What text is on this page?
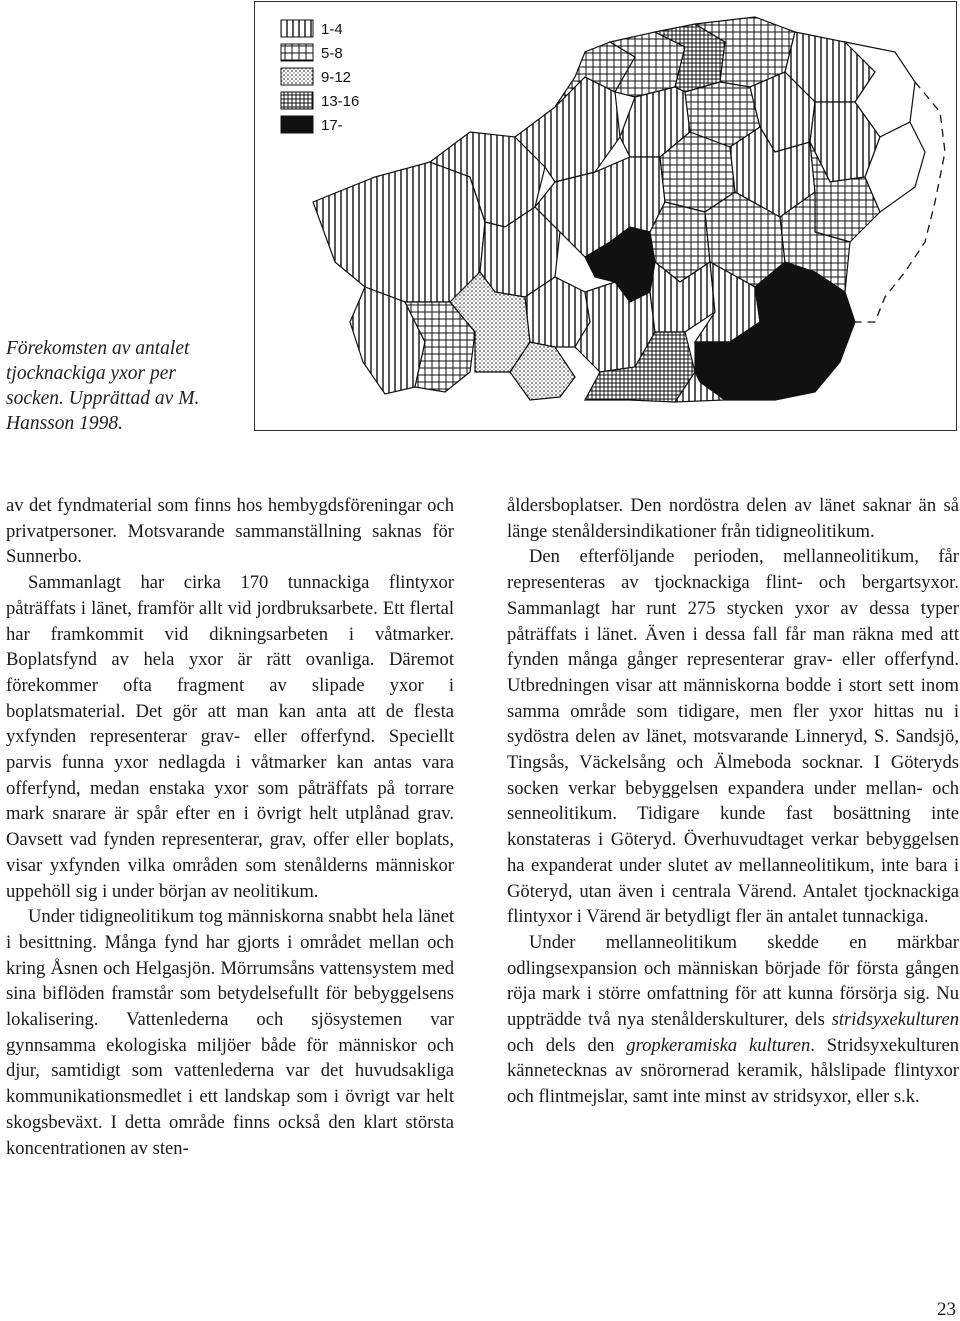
Förekomsten av antalet tjocknackiga yxor per socken. Upprättad av M. Hansson 1998.
1-4
5-8
9-12
13-16
17-

av det fyndmaterial som finns hos hembygdsföreningar och privatpersoner. Motsvarande sammanställning saknas för Sunnerbo.

Sammanlagt har cirka 170 tunnackiga flintyxor påträffats i länet, framför allt vid jordbruksarbete. Ett flertal har framkommit vid dikningsarbeten i våtmarker. Boplatsfynd av hela yxor är rätt ovanliga. Däremot förekommer ofta fragment av slipade yxor i boplatsmaterial. Det gör att man kan anta att de flesta yxfynden representerar grav- eller offerfynd. Speciellt parvis funna yxor nedlagda i våtmarker kan antas vara offerfynd, medan enstaka yxor som påträffats på torrare mark snarare är spår efter en i övrigt helt utplånad grav. Oavsett vad fynden representerar, grav, offer eller boplats, visar yxfynden vilka områden som stenålderns människor uppehöll sig i under början av neolitikum.

Under tidigneolitikum tog människorna snabbt hela länet i besittning. Många fynd har gjorts i området mellan och kring Åsnen och Helgasjön. Mörrumsåns vattensystem med sina biflöden framstår som betydelsefullt för bebyggelsens lokalisering. Vattenlederna och sjösystemen var gynnsamma ekologiska miljöer både för människor och djur, samtidigt som vattenlederna var det huvudsakliga kommunikationsmedlet i ett landskap som i övrigt var helt skogsbeväxt. I detta område finns också den klart största koncentrationen av sten-

åldersboplatser. Den nordöstra delen av länet saknar än så länge stenåldersindikationer från tidigneolitikum.

Den efterföljande perioden, mellanneolitikum, får representeras av tjocknackiga flint- och bergartsyxor. Sammanlagt har runt 275 stycken yxor av dessa typer påträffats i länet. Även i dessa fall får man räkna med att fynden många gånger representerar grav- eller offerfynd. Utbredningen visar att människorna bodde i stort sett inom samma område som tidigare, men fler yxor hittas nu i sydöstra delen av länet, motsvarande Linneryd, S. Sandsjö, Tingsås, Väckelsång och Älmeboda socknar. I Göteryds socken verkar bebyggelsen expandera under mellan- och senneolitikum. Tidigare kunde fast bosättning inte konstateras i Göteryd. Överhuvudtaget verkar bebyggelsen ha expanderat under slutet av mellanneolitikum, inte bara i Göteryd, utan även i centrala Värend. Antalet tjocknackiga flintyxor i Värend är betydligt fler än antalet tunnackiga.

Under mellanneolitikum skedde en märkbar odlingsexpansion och människan började för första gången röja mark i större omfattning för att kunna försörja sig. Nu uppträdde två nya stenålderskulturer, dels stridsyxekulturen och dels den gropkeramiska kulturen. Stridsyxekulturen kännetecknas av snörornerad keramik, hålslipade flintyxor och flintmejslar, samt inte minst av stridsyxor, eller s.k.

23
